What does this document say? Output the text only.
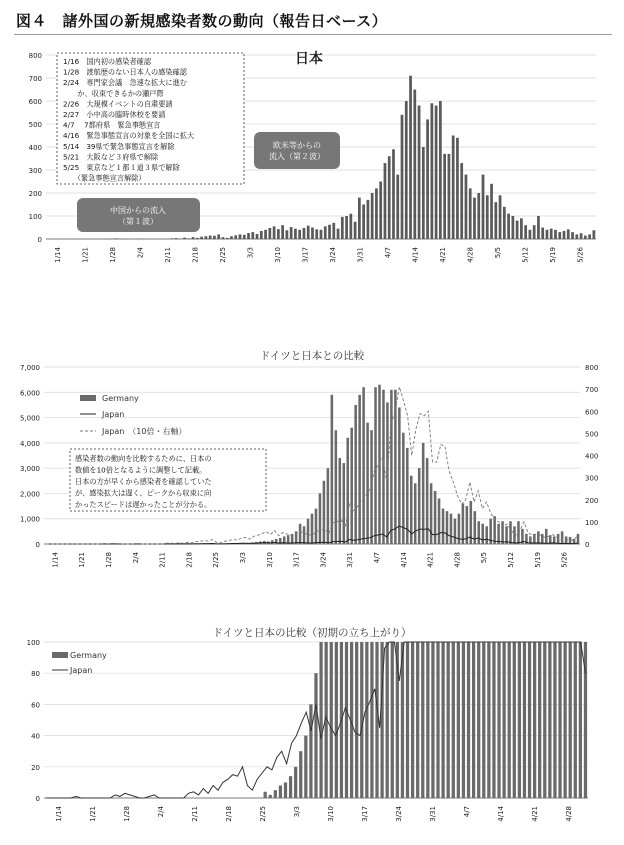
図４　諸外国の新規感染者数の動向（報告日ベース）
0
100
200
300
400
500
600
700
800
1/14	1/21	1/28	2/4	2/11	2/18	2/25	3/3	3/10	3/17	3/24	3/31	4/7	4/14	4/21	4/28	5/5	5/12	5/19	5/26
日本
1/16　国内初の感染者確認
1/28　渡航歴のない日本人の感染確認
2/24　専門家会議　急速な拡大に進む
　　か、収束できるかの瀬戸際
2/26　大規模イベントの自粛要請
2/27　小中高の臨時休校を要請
4/7　 7都府県　緊急事態宣言
4/16　緊急事態宣言の対象を全国に拡大
5/14　39県で緊急事態宣言を解除
5/21　大阪など３府県で解除
5/25　東京など１都１道３県で解除
　　（緊急事態宣言解除）
中国からの流入
（第１波）
欧米等からの
流入（第２波）
0
1,000
2,000
3,000
4,000
5,000
6,000
7,000
0
100
200
300
400
500
600
700
800
1/14	1/21	1/28	2/4	2/11	2/18	2/25	3/3	3/10	3/17	3/24	3/31	4/7	4/14	4/21	4/28	5/5	5/12	5/19	5/26
ドイツと日本との比較
Germany
Japan
Japan　（10倍・右軸）
感染者数の動向を比較するために、日本の
数値を10倍となるように調整して記載。
日本の方が早くから感染者を確認していた
が、感染拡大は遅く、ピークから収束に向
かったスピードは遅かったことが分かる。
ドイツと日本の比較（初期の立ち上がり）
0
20
40
60
80
100
1/14	1/21	1/28	2/4	2/11	2/18	2/25	3/3	3/10	3/17	3/24	3/31	4/7	4/14	4/21	4/28
Germany
Japan
